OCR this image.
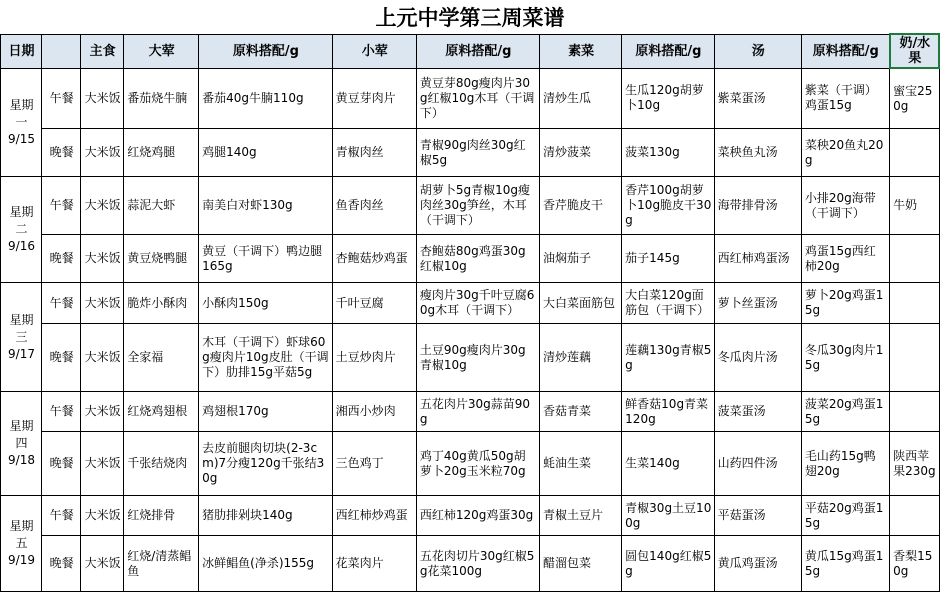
上元中学第三周菜谱
日期		主食	大荤	原料搭配/g	小荤	原料搭配/g	素菜	原料搭配/g	汤	原料搭配/g	奶/水果
星期一
9/15	午餐	大米饭	番茄烧牛腩	番茄40g牛腩110g	黄豆芽肉片	黄豆芽80g瘦肉片30g红椒10g木耳（干调下）	清炒生瓜	生瓜120g胡萝卜10g	紫菜蛋汤	紫菜（干调）鸡蛋15g	蜜宝250g
	晚餐	大米饭	红烧鸡腿	鸡腿140g	青椒肉丝	青椒90g肉丝30g红椒5g	清炒菠菜	菠菜130g	菜秧鱼丸汤	菜秧20鱼丸20g	
星期二
9/16	午餐	大米饭	蒜泥大虾	南美白对虾130g	鱼香肉丝	胡萝卜5g青椒10g瘦肉丝30g笋丝，木耳（干调下）	香芹脆皮干	香芹100g胡萝卜10g脆皮干30g	海带排骨汤	小排20g海带（干调下）	牛奶
	晚餐	大米饭	黄豆烧鸭腿	黄豆（干调下）鸭边腿165g	杏鲍菇炒鸡蛋	杏鲍菇80g鸡蛋30g红椒10g	油焖茄子	茄子145g	西红柿鸡蛋汤	鸡蛋15g西红柿20g	
星期三
9/17	午餐	大米饭	脆炸小酥肉	小酥肉150g	千叶豆腐	瘦肉片30g千叶豆腐60g木耳（干调下）	大白菜面筋包	大白菜120g面筋包（干调下）	萝卜丝蛋汤	萝卜20g鸡蛋15g	
	晚餐	大米饭	全家福	木耳（干调下）虾球60g瘦肉片10g皮肚（干调下）肋排15g平菇5g	土豆炒肉片	土豆90g瘦肉片30g青椒10g	清炒莲藕	莲藕130g青椒5g	冬瓜肉片汤	冬瓜30g肉片15g	
星期四
9/18	午餐	大米饭	红烧鸡翅根	鸡翅根170g	湘西小炒肉	五花肉片30g蒜苗90g	香菇青菜	鲜香菇10g青菜120g	菠菜蛋汤	菠菜20g鸡蛋15g	
	晚餐	大米饭	千张结烧肉	去皮前腿肉切块(2-3cm)7分瘦120g千张结30g	三色鸡丁	鸡丁40g黄瓜50g胡萝卜20g玉米粒70g	蚝油生菜	生菜140g	山药四件汤	毛山药15g鸭翅20g	陕西苹果230g
星期五
9/19	午餐	大米饭	红烧排骨	猪肋排剁块140g	西红柿炒鸡蛋	西红柿120g鸡蛋30g	青椒土豆片	青椒30g土豆100g	平菇蛋汤	平菇20g鸡蛋15g	
	晚餐	大米饭	红烧/清蒸鲳鱼	冰鲜鲳鱼(净杀)155g	花菜肉片	五花肉切片30g红椒5g花菜100g	醋溜包菜	圆包140g红椒5g	黄瓜鸡蛋汤	黄瓜15g鸡蛋15g	香梨150g
